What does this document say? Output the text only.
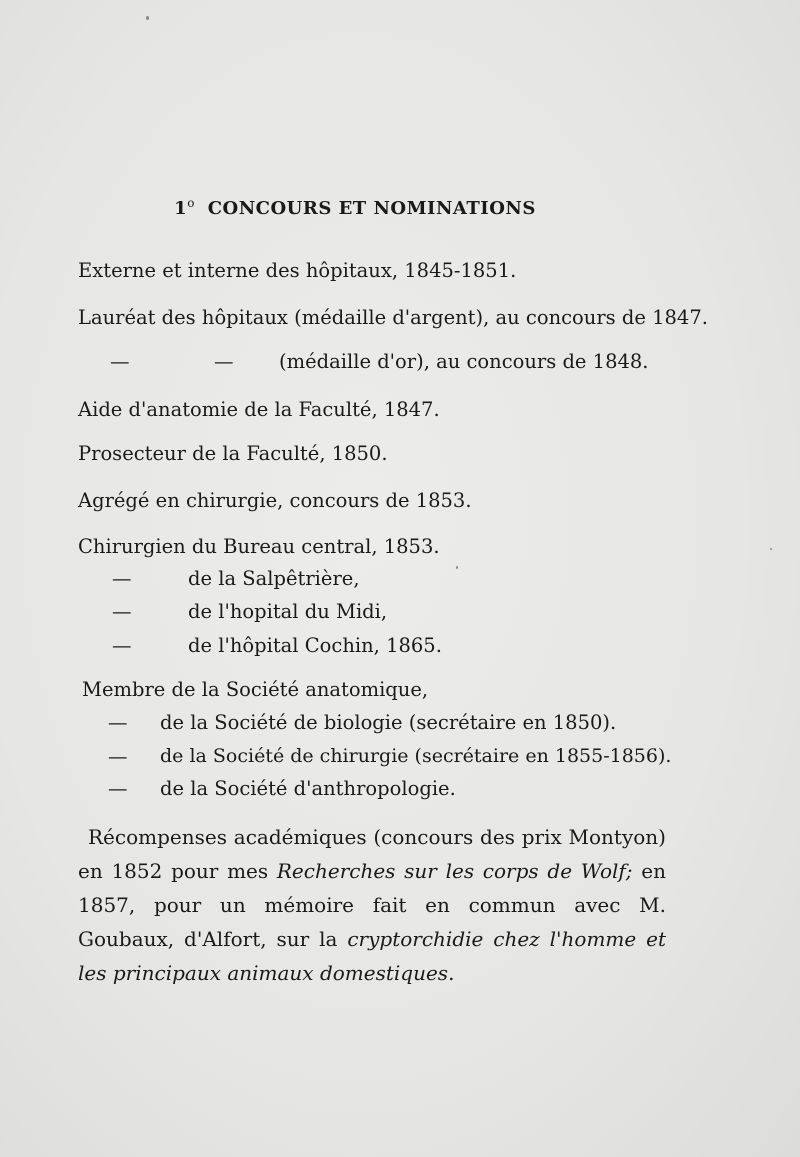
1$^o$ CONCOURS ET NOMINATIONS
Externe et interne des hôpitaux, 1845-1851.
Lauréat des hôpitaux (médaille d'argent), au concours de 1847.
—	— (médaille d'or), au concours de 1848.
Aide d'anatomie de la Faculté, 1847.
Prosecteur de la Faculté, 1850.
Agrégé en chirurgie, concours de 1853.
Chirurgien du Bureau central, 1853.
—	de la Salpêtrière,
—	de l'hopital du Midi,
—	de l'hôpital Cochin, 1865.
Membre de la Société anatomique,
— de la Société de biologie (secrétaire en 1850).
— de la Société de chirurgie (secrétaire en 1855-1856).
— de la Société d'anthropologie.
Récompenses académiques (concours des prix Montyon) en 1852 pour mes Recherches sur les corps de Wolf; en 1857, pour un mémoire fait en commun avec M. Goubaux, d'Alfort, sur la cryptorchidie chez l'homme et les principaux animaux domestiques.
